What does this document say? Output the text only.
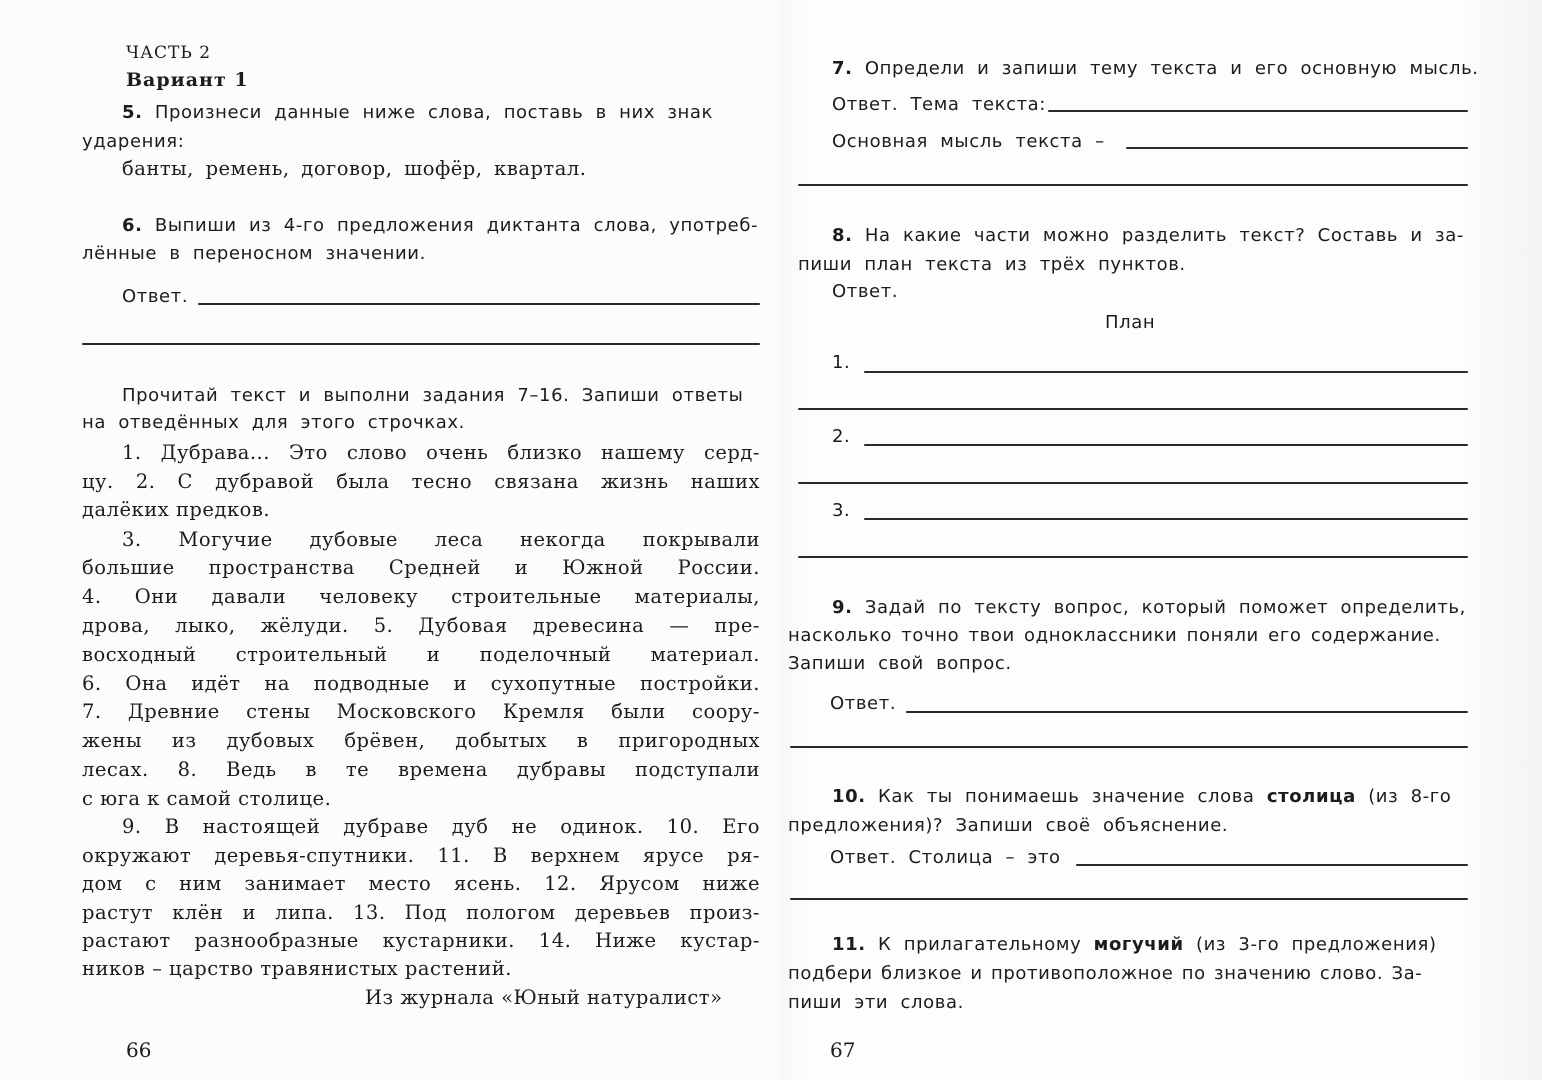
ЧАСТЬ 2
Вариант 1
5. Произнеси данные ниже слова, поставь в них знак
ударения:
банты, ремень, договор, шофёр, квартал.
6. Выпиши из 4-го предложения диктанта слова, употреб-
лённые в переносном значении.
Ответ.
Прочитай текст и выполни задания 7–16. Запиши ответы
на отведённых для этого строчках.
1. Дубрава... Это слово очень близко нашему серд-
цу. 2. С дубравой была тесно связана жизнь наших
далёких предков.
3. Могучие дубовые леса некогда покрывали
большие пространства Средней и Южной России.
4. Они давали человеку строительные материалы,
дрова, лыко, жёлуди. 5. Дубовая древесина — пре-
восходный строительный и поделочный материал.
6. Она идёт на подводные и сухопутные постройки.
7. Древние стены Московского Кремля были соору-
жены из дубовых брёвен, добытых в пригородных
лесах. 8. Ведь в те времена дубравы подступали
с юга к самой столице.
9. В настоящей дубраве дуб не одинок. 10. Его
окружают деревья-спутники. 11. В верхнем ярусе ря-
дом с ним занимает место ясень. 12. Ярусом ниже
растут клён и липа. 13. Под пологом деревьев произ-
растают разнообразные кустарники. 14. Ниже кустар-
ников – царство травянистых растений.
Из журнала «Юный натуралист»
66
7. Определи и запиши тему текста и его основную мысль.
Ответ. Тема текста:
Основная мысль текста –
8. На какие части можно разделить текст? Составь и за-
пиши план текста из трёх пунктов.
Ответ.
План
1.
2.
3.
9. Задай по тексту вопрос, который поможет определить,
насколько точно твои одноклассники поняли его содержание.
Запиши свой вопрос.
Ответ.
10. Как ты понимаешь значение слова столица (из 8-го
предложения)? Запиши своё объяснение.
Ответ. Столица – это
11. К прилагательному могучий (из 3-го предложения)
подбери близкое и противоположное по значению слово. За-
пиши эти слова.
67
